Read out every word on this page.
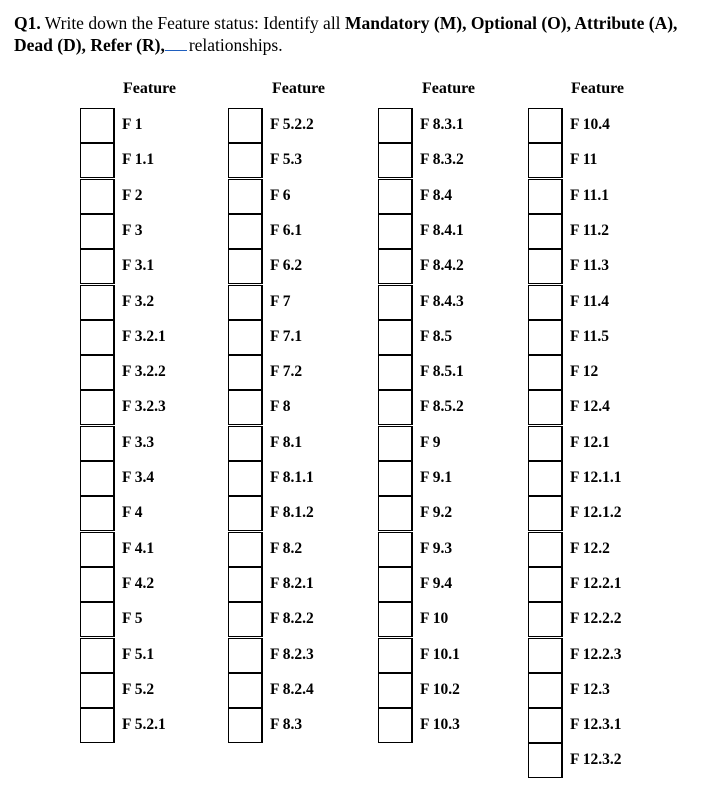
Q1. Write down the Feature status: Identify all Mandatory (M), Optional (O), Attribute (A),
Dead (D), Refer (R), relationships.
Feature
F 1
F 1.1
F 2
F 3
F 3.1
F 3.2
F 3.2.1
F 3.2.2
F 3.2.3
F 3.3
F 3.4
F 4
F 4.1
F 4.2
F 5
F 5.1
F 5.2
F 5.2.1
Feature
F 5.2.2
F 5.3
F 6
F 6.1
F 6.2
F 7
F 7.1
F 7.2
F 8
F 8.1
F 8.1.1
F 8.1.2
F 8.2
F 8.2.1
F 8.2.2
F 8.2.3
F 8.2.4
F 8.3
Feature
F 8.3.1
F 8.3.2
F 8.4
F 8.4.1
F 8.4.2
F 8.4.3
F 8.5
F 8.5.1
F 8.5.2
F 9
F 9.1
F 9.2
F 9.3
F 9.4
F 10
F 10.1
F 10.2
F 10.3
Feature
F 10.4
F 11
F 11.1
F 11.2
F 11.3
F 11.4
F 11.5
F 12
F 12.4
F 12.1
F 12.1.1
F 12.1.2
F 12.2
F 12.2.1
F 12.2.2
F 12.2.3
F 12.3
F 12.3.1
F 12.3.2
